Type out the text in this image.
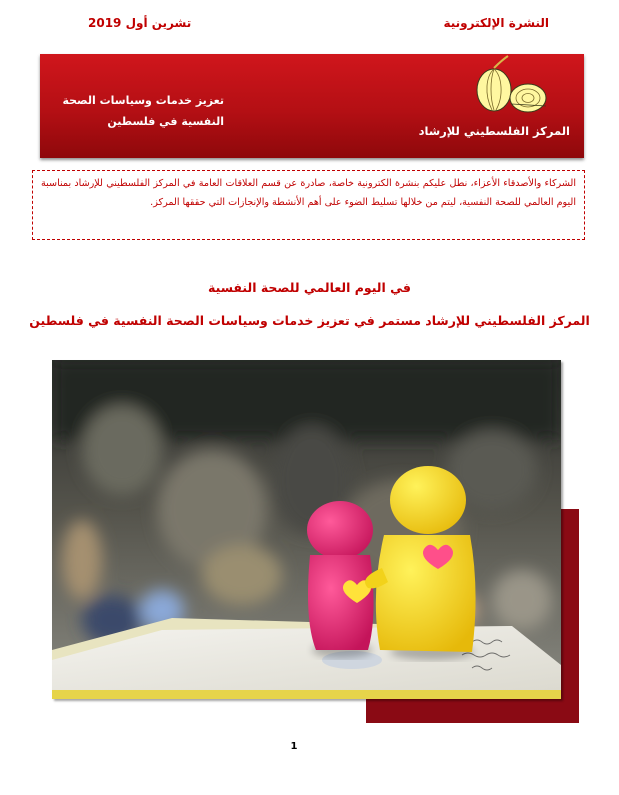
تشرين أول 2019	النشرة الإلكترونية
تعزيز خدمات وسياسات الصحة
النفسية في فلسطين
المركز الفلسطيني للإرشاد
الشركاء والأصدقاء الأعزاء، نطل عليكم بنشرة الكترونية خاصة، صادرة عن قسم العلاقات العامة في المركز الفلسطيني للإرشاد بمناسبة اليوم العالمي للصحة النفسية، ليتم من خلالها تسليط الضوء على أهم الأنشطة والإنجازات التي حققها المركز.
في اليوم العالمي للصحة النفسية
المركز الفلسطيني للإرشاد مستمر في تعزيز خدمات وسياسات الصحة النفسية في فلسطين
1
